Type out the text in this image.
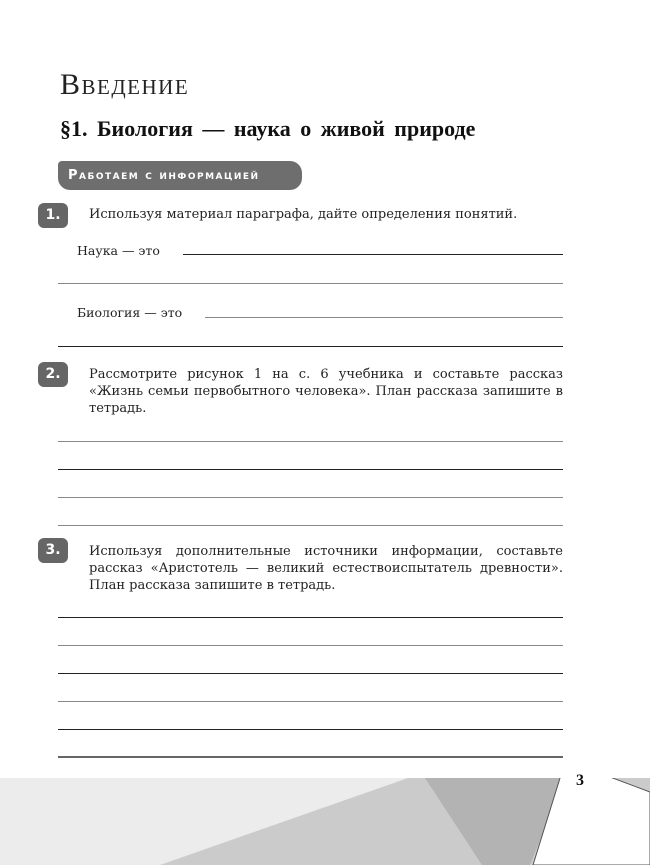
Введение
§1. Биология — наука о живой природе
Работаем с информацией
1.	Используя материал параграфа, дайте определения понятий.
Наука — это
Биология — это
2.	Рассмотрите рисунок 1 на с. 6 учебника и составьте рассказ «Жизнь семьи первобытного человека». План рассказа запишите в тетрадь.
3.	Используя дополнительные источники информации, составьте рассказ «Аристотель — великий естествоиспытатель древности». План рассказа запишите в тетрадь.
3
